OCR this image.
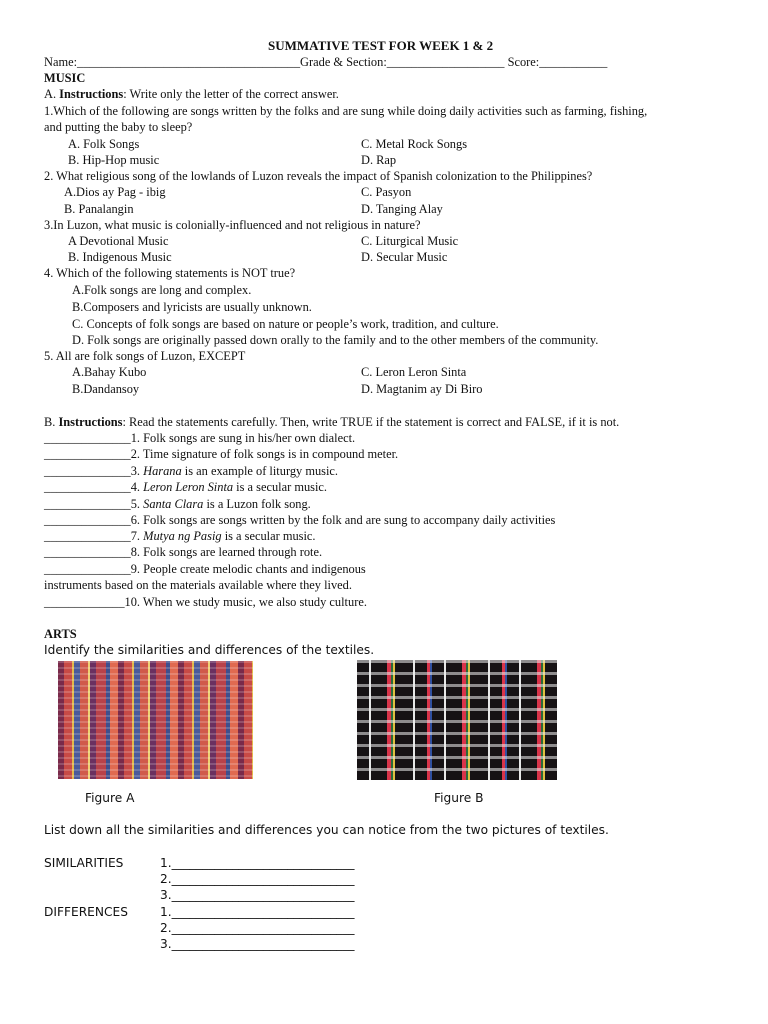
SUMMATIVE TEST FOR WEEK 1 & 2
Name:____________________________________Grade & Section:___________________ Score:___________
MUSIC
A. Instructions: Write only the letter of the correct answer.
1.Which of the following are songs written by the folks and are sung while doing daily activities such as farming, fishing,
and putting the baby to sleep?
A. Folk Songs	C. Metal Rock Songs
B. Hip-Hop music	D. Rap
2. What religious song of the lowlands of Luzon reveals the impact of Spanish colonization to the Philippines?
A.Dios ay Pag - ibig	C. Pasyon
B. Panalangin	D. Tanging Alay
3.In Luzon, what music is colonially-influenced and not religious in nature?
A Devotional Music	C. Liturgical Music
B. Indigenous Music	D. Secular Music
4. Which of the following statements is NOT true?
A.Folk songs are long and complex.
B.Composers and lyricists are usually unknown.
C. Concepts of folk songs are based on nature or people’s work, tradition, and culture.
D. Folk songs are originally passed down orally to the family and to the other members of the community.
5. All are folk songs of Luzon, EXCEPT
A.Bahay Kubo	C. Leron Leron Sinta
B.Dandansoy	D. Magtanim ay Di Biro
B. Instructions: Read the statements carefully. Then, write TRUE if the statement is correct and FALSE, if it is not.
______________1. Folk songs are sung in his/her own dialect.
______________2. Time signature of folk songs is in compound meter.
______________3. Harana is an example of liturgy music.
______________4. Leron Leron Sinta is a secular music.
______________5. Santa Clara is a Luzon folk song.
______________6. Folk songs are songs written by the folk and are sung to accompany daily activities
______________7. Mutya ng Pasig is a secular music.
______________8. Folk songs are learned through rote.
______________9. People create melodic chants and indigenous
instruments based on the materials available where they lived.
_____________10. When we study music, we also study culture.
ARTS
Identify the similarities and differences of the textiles.
Figure A	Figure B
List down all the similarities and differences you can notice from the two pictures of textiles.
SIMILARITIES	1.______________________________
2.______________________________
3.______________________________
DIFFERENCES	1.______________________________
2.______________________________
3.______________________________
